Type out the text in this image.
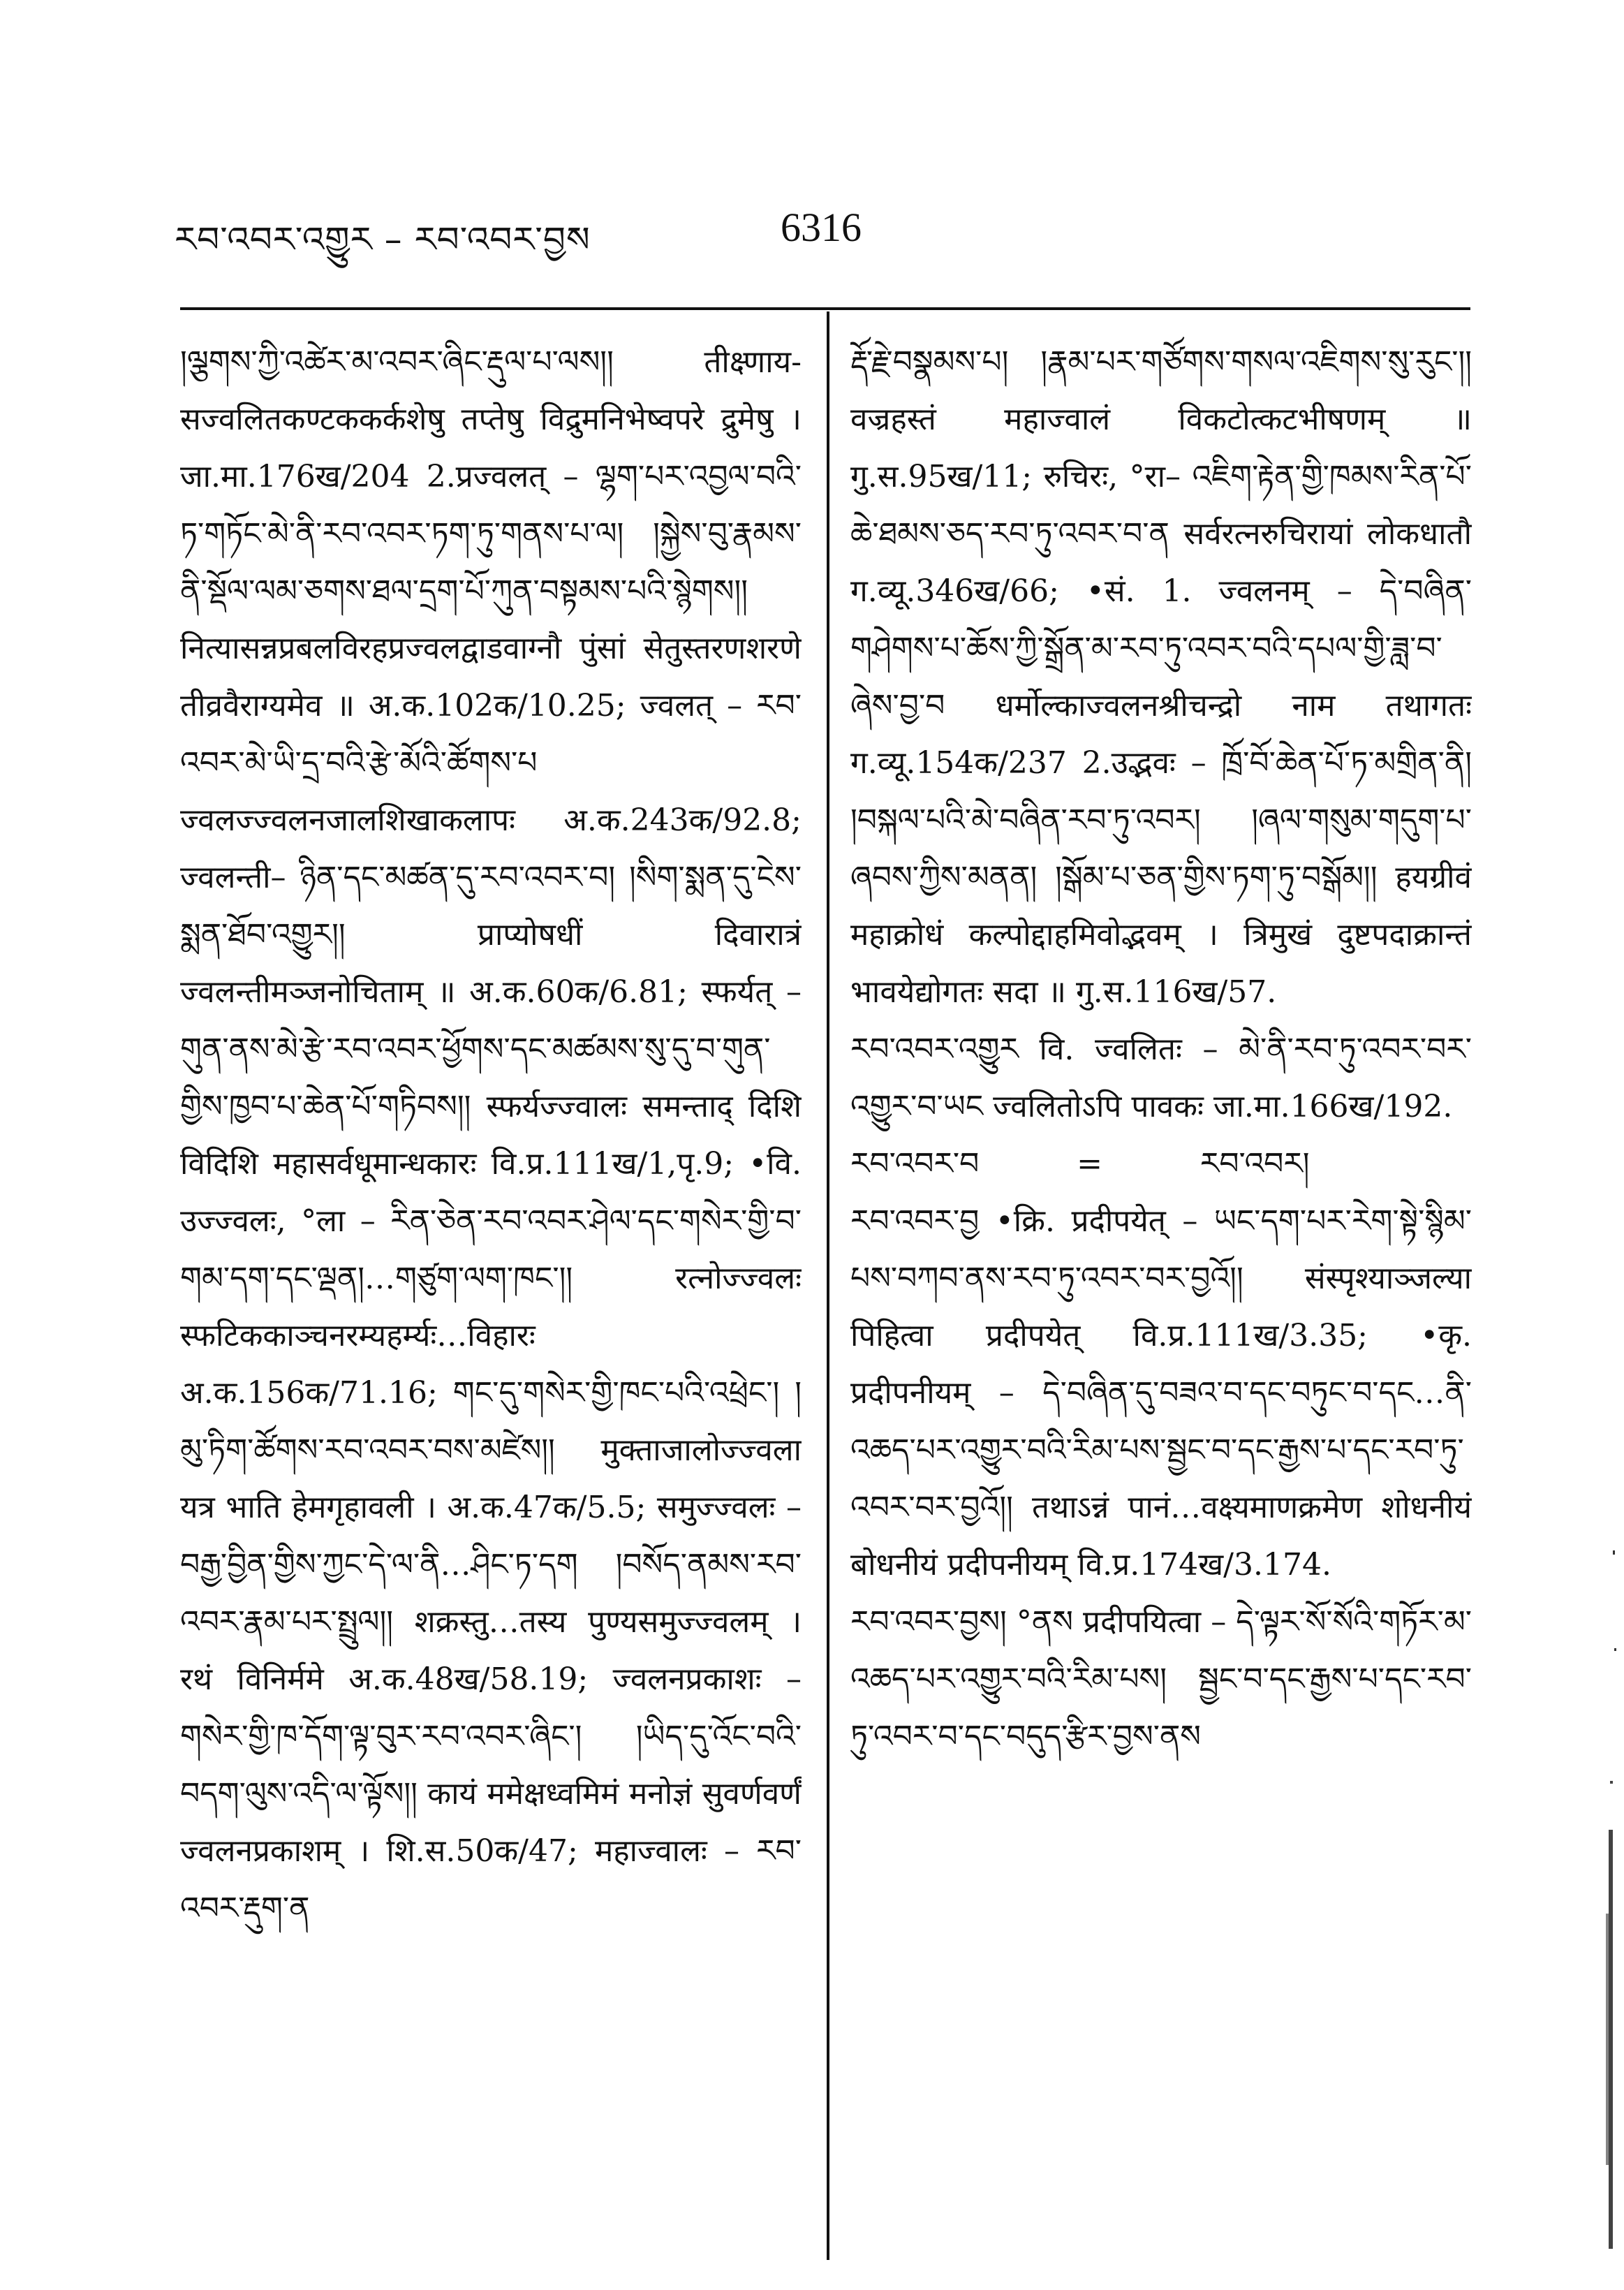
རབ་འབར་འགྱུར – རབ་འབར་བྱས	6316

།ལྕགས་ཀྱི་འཚེར་མ་འབར་ཞིང་རྡུལ་པ་ལས།། तीक्ष्णाय-सज्वलितकण्टककर्कशेषु तप्तेषु विद्रुमनिभेष्वपरे द्रुमेषु । जा.मा.176ख/204 2.प्रज्वलत् – ལྷག་པར་འབྱལ་བའི་ཏ་གཏོང་མེ་ནི་རབ་འབར་ཏག་ཏུ་གནས་པ་ལ། །སྐྱེས་བུ་རྣམས་ནི་སྡོལ་ལམ་ཅགས་ཐལ་དྲག་པོ་ཀུན་བསྟམས་པའི་སྙེགས།། नित्यासन्नप्रबलविरहप्रज्वलद्वाडवाग्नौ पुंसां सेतुस्तरणशरणे तीव्रवैराग्यमेव ॥ अ.क.102क/10.25; ज्वलत् – རབ་འབར་མེ་ཡི་དྲ་བའི་རྩེ་མོའི་ཚོགས་པ ज्वलज्ज्वलनजालशिखाकलापः अ.क.243क/92.8; ज्वलन्ती– ཉིན་དང་མཚན་དུ་རབ་འབར་བ། །སིག་སྨན་དུ་ངེས་སྨན་ཐོབ་འགྱུར།། प्राप्योषधीं दिवारात्रं ज्वलन्तीमञ्जनोचिताम् ॥ अ.क.60क/6.81; स्फर्यत् – གུན་ནས་མེ་རྩེ་རབ་འབར་ཕྱོགས་དང་མཚམས་སུ་དུ་བ་གུན་གྱིས་ཁྱབ་པ་ཆེན་པོ་གཏིབས།། स्फर्यज्ज्वालः समन्ताद् दिशि विदिशि महासर्वधूमान्धकारः वि.प्र.111ख/1,पृ.9; •वि. उज्ज्वलः, °ला – རིན་ཅེན་རབ་འབར་ཤེལ་དང་གསེར་གྱི་བ་གམ་དག་དང་ལྡན།…གཙུག་ལག་ཁང་།། रत्नोज्ज्वलः स्फटिककाञ्चनरम्यहर्म्यः…विहारः अ.क.156क/71.16; གང་དུ་གསེར་གྱི་ཁང་པའི་འཕྲེང་། །མུ་ཏིག་ཚོགས་རབ་འབར་བས་མཛེས།། मुक्ताजालोज्ज्वला यत्र भाति हेमगृहावली । अ.क.47क/5.5; समुज्ज्वलः – བརྒྱ་བྱིན་གྱིས་ཀྱང་དེ་ལ་ནི…ཤིང་ཏ་དག །བསོད་ནམས་རབ་འབར་རྣམ་པར་སྤྲུལ།། शक्रस्तु…तस्य पुण्यसमुज्ज्वलम् । रथं विनिर्ममे अ.क.48ख/58.19; ज्वलनप्रकाशः – གསེར་གྱི་ཁ་དོག་ལྟ་བུར་རབ་འབར་ཞིང་། །ཡིད་དུ་འོང་བའི་བདག་ལུས་འདི་ལ་ལྟོས།། कायं ममेक्षध्वमिमं मनोज्ञं सुवर्णवर्णं ज्वलनप्रकाशम् । शि.स.50क/47; महाज्वालः – རབ་འབར་རྡུག་ན

རྡོ་རྗེ་བསྣམས་པ། །རྣམ་པར་གཙོགས་གསལ་འཇིགས་སུ་རུང་།། वज्रहस्तं महाज्वालं विकटोत्कटभीषणम् ॥ गु.स.95ख/11; रुचिरः, °रा– འཇིག་རྟེན་གྱི་ཁམས་རིན་པོ་ཆེ་ཐམས་ཅད་རབ་ཏུ་འབར་བ་ན सर्वरत्नरुचिरायां लोकधातौ ग.व्यू.346ख/66; •सं. 1. ज्वलनम् – དེ་བཞིན་གཤེགས་པ་ཆོས་ཀྱི་སྒྲོན་མ་རབ་ཏུ་འབར་བའི་དཔལ་གྱི་ཟླ་བ་ཞེས་བྱ་བ धर्मोल्काज्वलनश्रीचन्द्रो नाम तथागतः ग.व्यू.154क/237 2.उद्भवः – ཁྲོ་བོ་ཆེན་པོ་ཏ་མགྲིན་ནི། །བསྐལ་པའི་མེ་བཞིན་རབ་ཏུ་འབར། །ཞལ་གསུམ་གདུག་པ་ཞབས་ཀྱིས་མནན། །སྒོམ་པ་ཅན་གྱིས་ཏག་ཏུ་བསྒོམ།། हयग्रीवं महाक्रोधं कल्पोद्दाहमिवोद्भवम् । त्रिमुखं दुष्टपदाक्रान्तं भावयेद्योगतः सदा ॥ गु.स.116ख/57.

རབ་འབར་འགྱུར वि. ज्वलितः – མེ་ནི་རབ་ཏུ་འབར་བར་འགྱུར་བ་ཡང ज्वलितोऽपि पावकः जा.मा.166ख/192.

རབ་འབར་བ          =          རབ་འབར།

རབ་འབར་བྱ •क्रि. प्रदीपयेत् – ཡང་དག་པར་རེག་སྟེ་སྙིམ་པས་བཀབ་ནས་རབ་ཏུ་འབར་བར་བྱའོ།། संस्पृश्याञ्जल्या पिहित्वा प्रदीपयेत् वि.प्र.111ख/3.35; •कृ. प्रदीपनीयम् – དེ་བཞིན་དུ་བཟའ་བ་དང་བཏུང་བ་དང…ནི་འཆད་པར་འགྱུར་བའི་རིམ་པས་སྦྱང་བ་དང་རྒྱས་པ་དང་རབ་ཏུ་འབར་བར་བྱའོ།། तथाऽन्नं पानं…वक्ष्यमाणक्रमेण शोधनीयं बोधनीयं प्रदीपनीयम् वि.प्र.174ख/3.174.

རབ་འབར་བྱས། °ནས प्रदीपयित्वा – དེ་ལྟར་སོ་སོའི་གཏོར་མ་འཆད་པར་འགྱུར་བའི་རིམ་པས། སྦྱང་བ་དང་རྒྱས་པ་དང་རབ་ཏུ་འབར་བ་དང་བདུད་རྩིར་བྱས་ནས
